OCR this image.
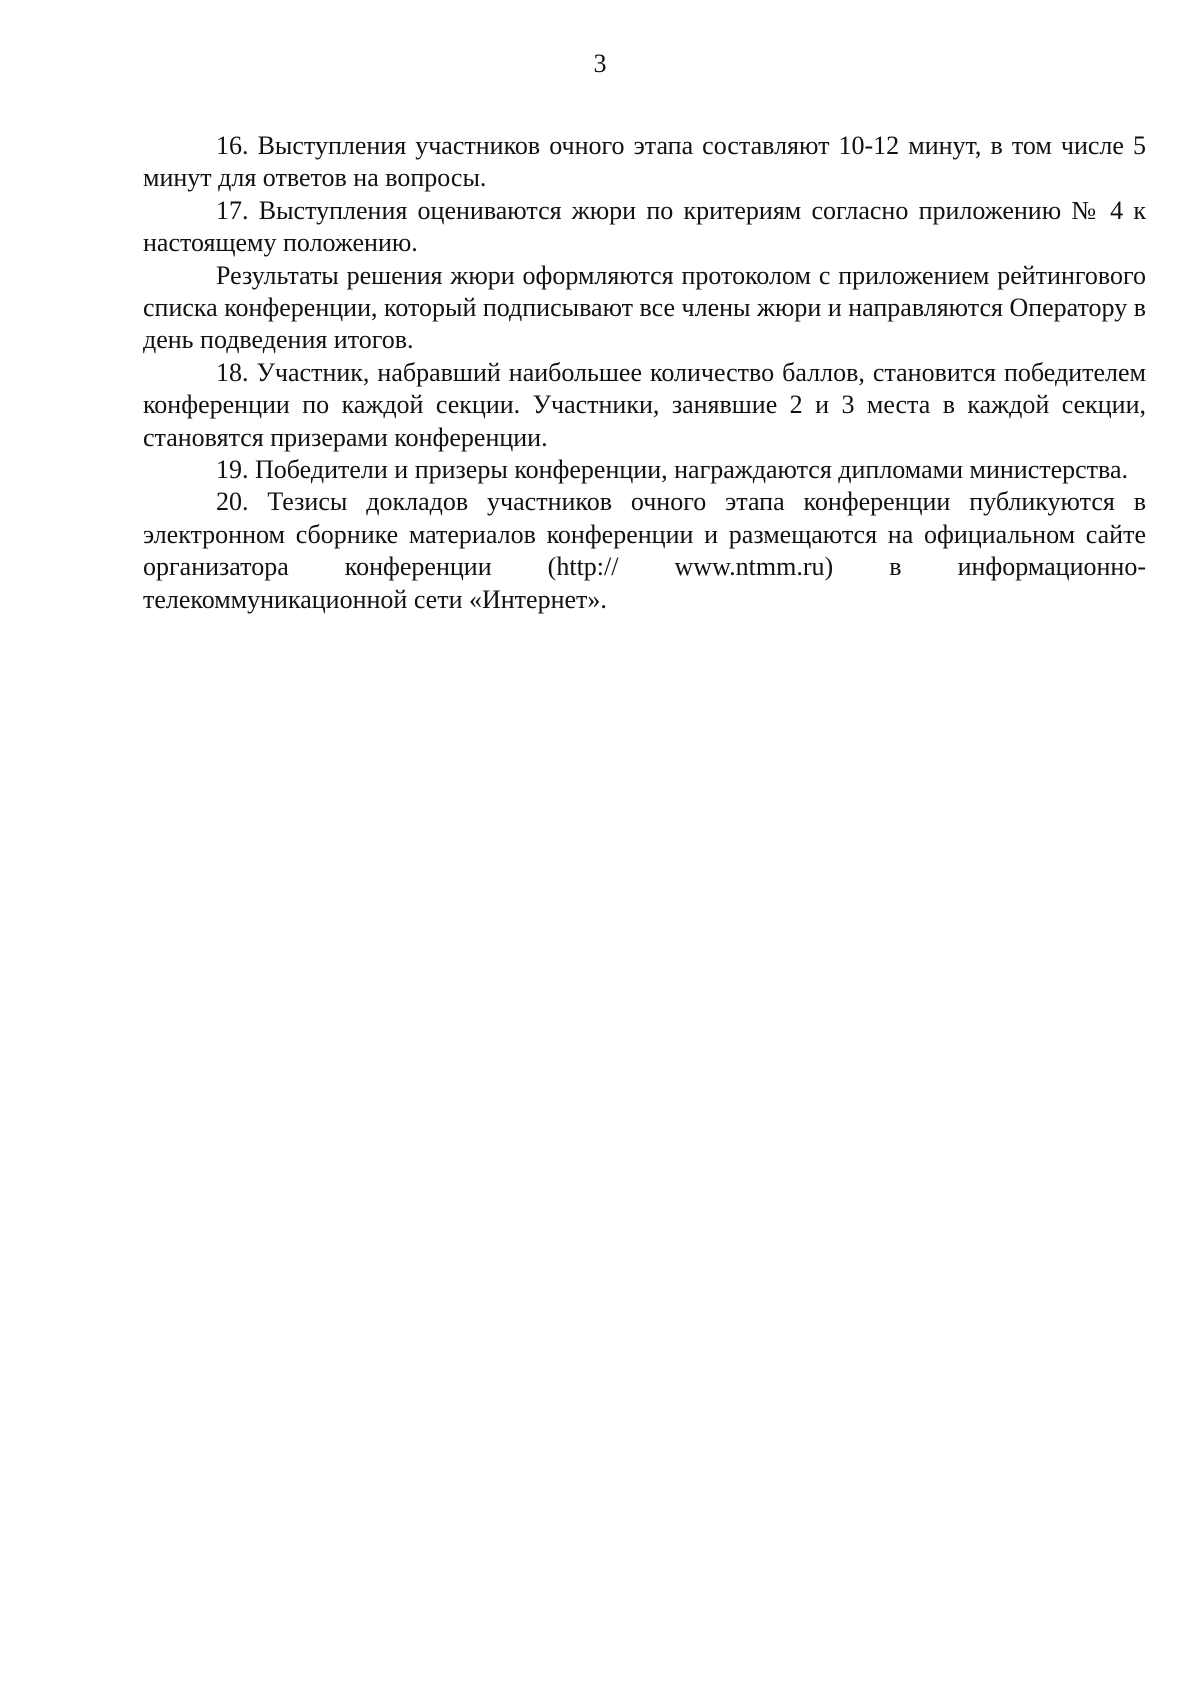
3

16. Выступления участников очного этапа составляют 10-12 минут, в том числе 5 минут для ответов на вопросы.

17. Выступления оцениваются жюри по критериям согласно приложению № 4 к настоящему положению.

Результаты решения жюри оформляются протоколом с приложением рейтингового списка конференции, который подписывают все члены жюри и направляются Оператору в день подведения итогов.

18. Участник, набравший наибольшее количество баллов, становится победителем конференции по каждой секции. Участники, занявшие 2 и 3 места в каждой секции, становятся призерами конференции.

19. Победители и призеры конференции, награждаются дипломами министерства.

20. Тезисы докладов участников очного этапа конференции публикуются в электронном сборнике материалов конференции и размещаются на официальном сайте организатора конференции (http:// www.ntmm.ru) в информационно-телекоммуникационной сети «Интернет».
